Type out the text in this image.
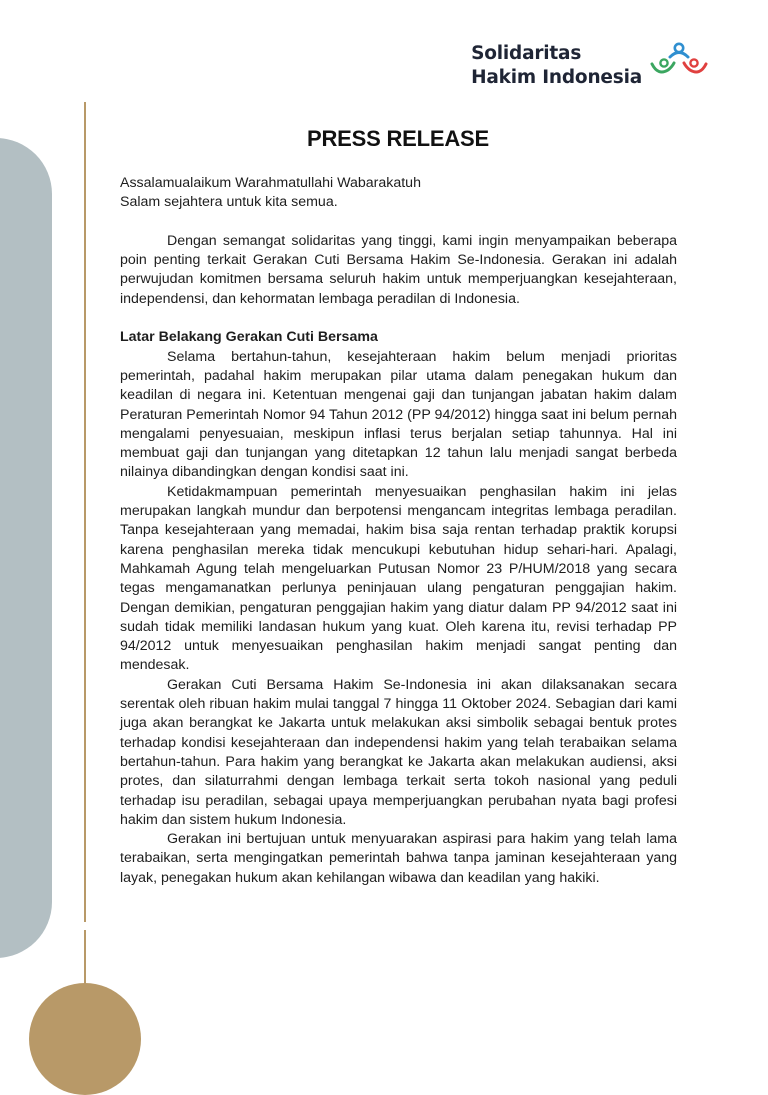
Solidaritas
Hakim Indonesia
PRESS RELEASE

Assalamualaikum Warahmatullahi Wabarakatuh

Salam sejahtera untuk kita semua.

Dengan semangat solidaritas yang tinggi, kami ingin menyampaikan beberapa poin penting terkait Gerakan Cuti Bersama Hakim Se-Indonesia. Gerakan ini adalah perwujudan komitmen bersama seluruh hakim untuk memperjuangkan kesejahteraan, independensi, dan kehormatan lembaga peradilan di Indonesia.

Latar Belakang Gerakan Cuti Bersama

Selama bertahun-tahun, kesejahteraan hakim belum menjadi prioritas pemerintah, padahal hakim merupakan pilar utama dalam penegakan hukum dan keadilan di negara ini. Ketentuan mengenai gaji dan tunjangan jabatan hakim dalam Peraturan Pemerintah Nomor 94 Tahun 2012 (PP 94/2012) hingga saat ini belum pernah mengalami penyesuaian, meskipun inflasi terus berjalan setiap tahunnya. Hal ini membuat gaji dan tunjangan yang ditetapkan 12 tahun lalu menjadi sangat berbeda nilainya dibandingkan dengan kondisi saat ini.

Ketidakmampuan pemerintah menyesuaikan penghasilan hakim ini jelas merupakan langkah mundur dan berpotensi mengancam integritas lembaga peradilan. Tanpa kesejahteraan yang memadai, hakim bisa saja rentan terhadap praktik korupsi karena penghasilan mereka tidak mencukupi kebutuhan hidup sehari-hari. Apalagi, Mahkamah Agung telah mengeluarkan Putusan Nomor 23 P/HUM/2018 yang secara tegas mengamanatkan perlunya peninjauan ulang pengaturan penggajian hakim. Dengan demikian, pengaturan penggajian hakim yang diatur dalam PP 94/2012 saat ini sudah tidak memiliki landasan hukum yang kuat. Oleh karena itu, revisi terhadap PP 94/2012 untuk menyesuaikan penghasilan hakim menjadi sangat penting dan mendesak.

Gerakan Cuti Bersama Hakim Se-Indonesia ini akan dilaksanakan secara serentak oleh ribuan hakim mulai tanggal 7 hingga 11 Oktober 2024. Sebagian dari kami juga akan berangkat ke Jakarta untuk melakukan aksi simbolik sebagai bentuk protes terhadap kondisi kesejahteraan dan independensi hakim yang telah terabaikan selama bertahun-tahun. Para hakim yang berangkat ke Jakarta akan melakukan audiensi, aksi protes, dan silaturrahmi dengan lembaga terkait serta tokoh nasional yang peduli terhadap isu peradilan, sebagai upaya memperjuangkan perubahan nyata bagi profesi hakim dan sistem hukum Indonesia.

Gerakan ini bertujuan untuk menyuarakan aspirasi para hakim yang telah lama terabaikan, serta mengingatkan pemerintah bahwa tanpa jaminan kesejahteraan yang layak, penegakan hukum akan kehilangan wibawa dan keadilan yang hakiki.
